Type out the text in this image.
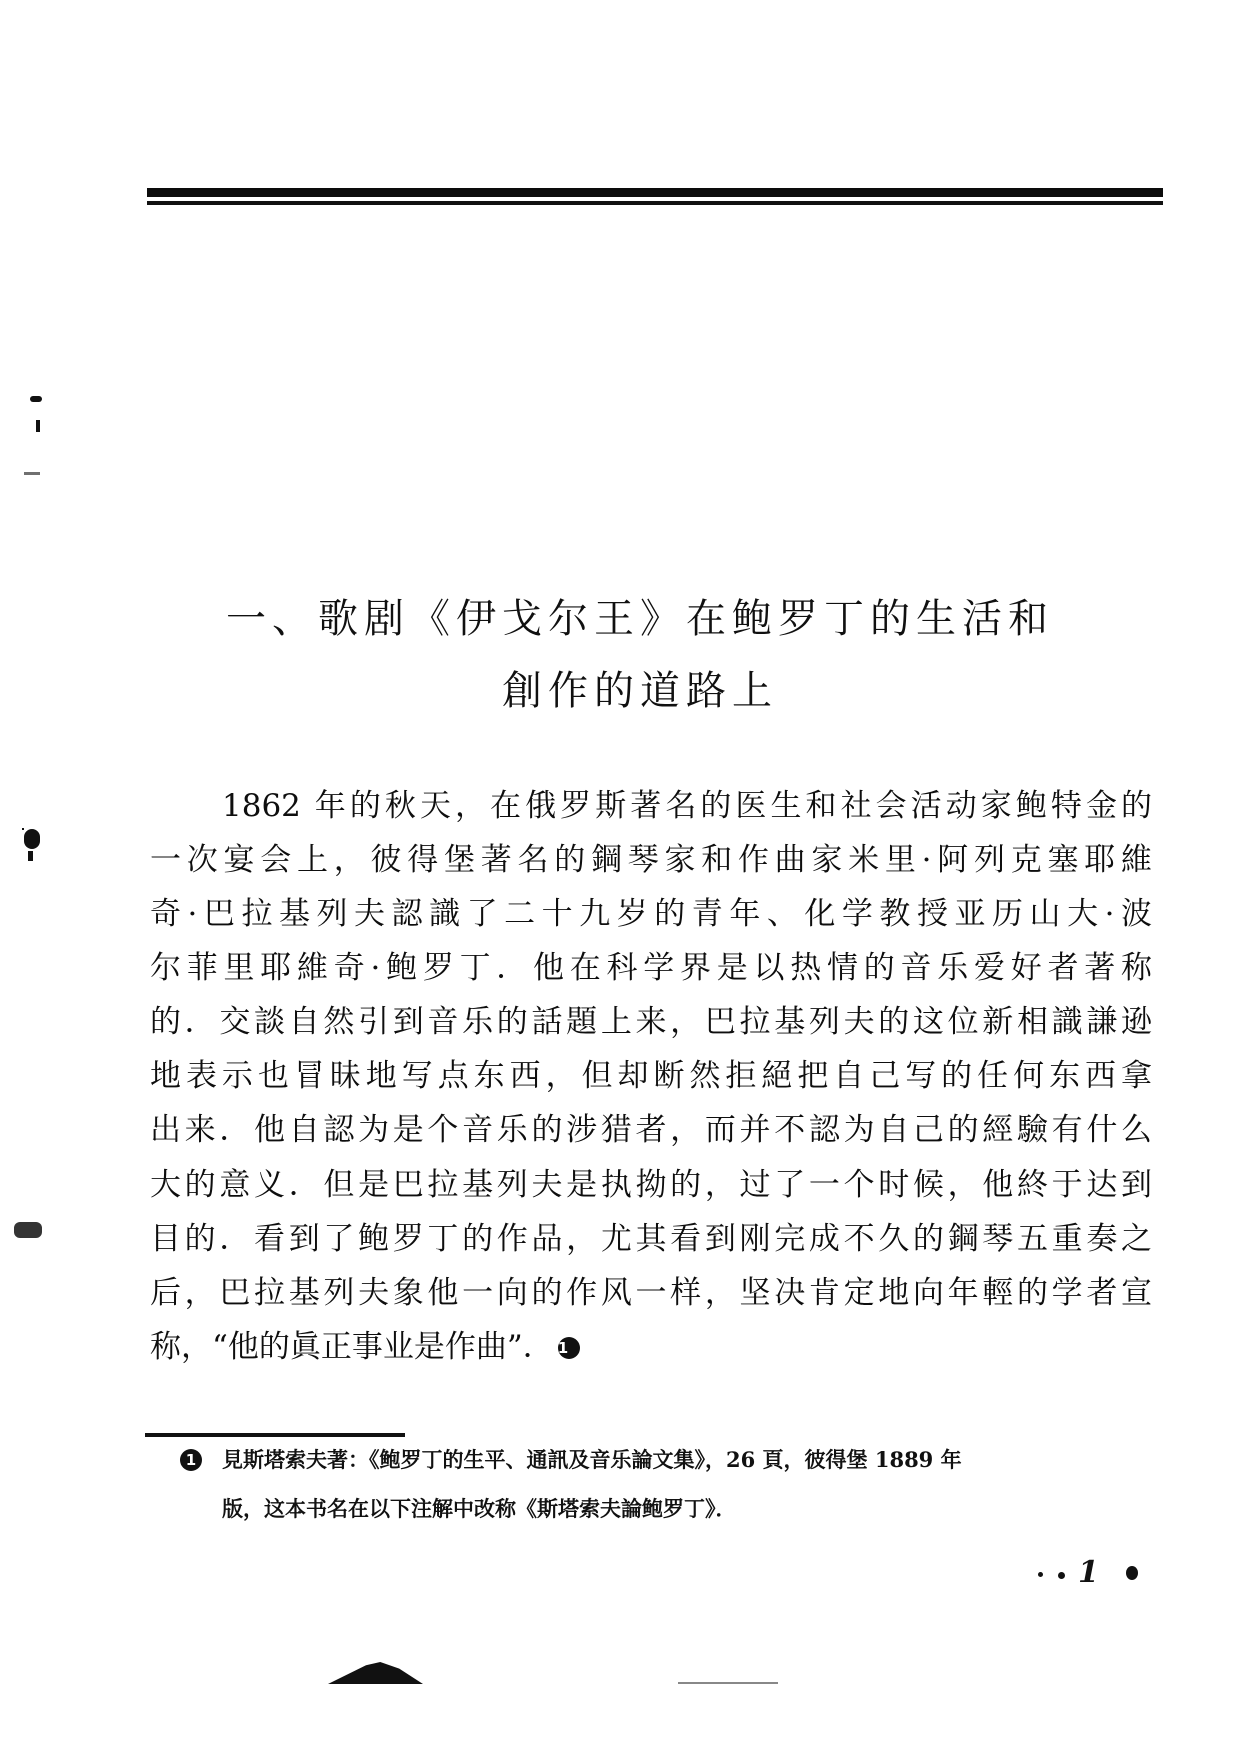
一、歌剧《伊戈尔王》在鲍罗丁的生活和
創作的道路上
1862 年的秋天，在俄罗斯著名的医生和社会活动家鲍特金的
一次宴会上，彼得堡著名的鋼琴家和作曲家米里·阿列克塞耶維
奇·巴拉基列夫認識了二十九岁的青年、化学教授亚历山大·波
尔菲里耶維奇·鲍罗丁．他在科学界是以热情的音乐爱好者著称
的．交談自然引到音乐的話題上来，巴拉基列夫的这位新相識謙逊
地表示也冒昧地写点东西，但却断然拒絕把自己写的任何东西拿
出来．他自認为是个音乐的涉猎者，而并不認为自己的經驗有什么
大的意义．但是巴拉基列夫是执拗的，过了一个时候，他終于达到
目的．看到了鲍罗丁的作品，尤其看到刚完成不久的鋼琴五重奏之
后，巴拉基列夫象他一向的作风一样，坚决肯定地向年輕的学者宣
称，“他的眞正事业是作曲”． 1
1 見斯塔索夫著：《鲍罗丁的生平、通訊及音乐論文集》，26 頁，彼得堡 1889 年
版，这本书名在以下注解中改称《斯塔索夫論鲍罗丁》．
1
